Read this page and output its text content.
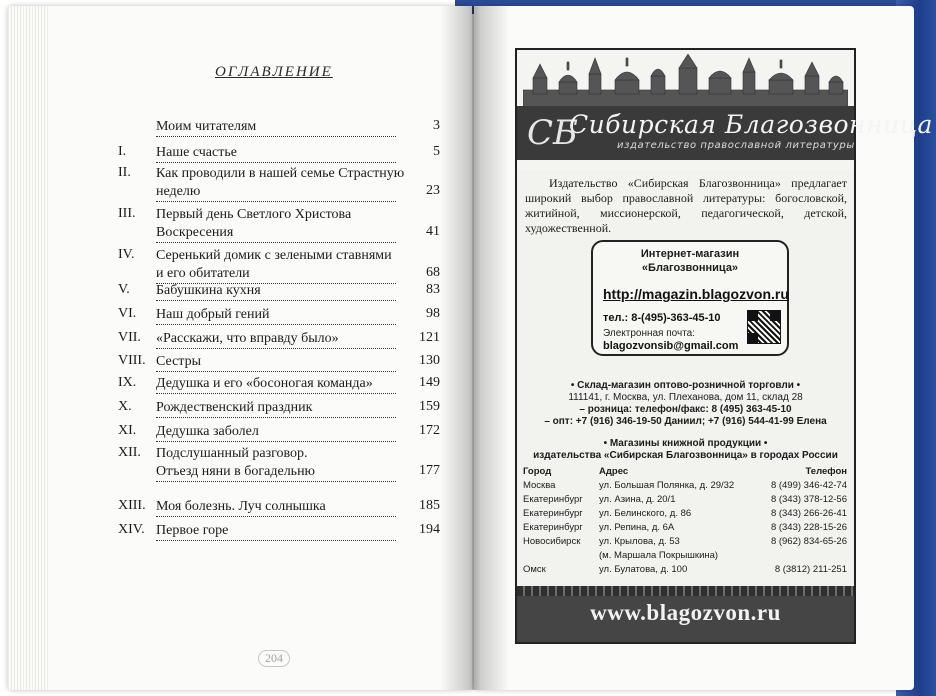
ОГЛАВЛЕНИЕ
Моим читателям	3
I.	Наше счастье	5
II.	Как проводили в нашей семье Страстную
неделю	23
III.	Первый день Светлого Христова
Воскресения	41
IV.	Серенький домик с зелеными ставнями
и его обитатели	68
V.	Бабушкина кухня	83
VI.	Наш добрый гений	98
VII.	«Расскажи, что вправду было»	121
VIII. Сестры	130
IX.	Дедушка и его «босоногая команда»	149
X.	Рождественский праздник	159
XI.	Дедушка заболел	172
XII.	Подслушанный разговор.
Отъезд няни в богадельню	177
XIII. Моя болезнь. Луч солнышка	185
XIV. Первое горе	194
204
СБ
Сибирская Благозвонница
издательство православной литературы
Издательство «Сибирская Благозвонница» предлагает широкий выбор православной литературы: богословской, житийной, миссионерской, педагогической, детской, художественной.
Интернет-магазин
«Благозвонница»
http://magazin.blagozvon.ru
тел.: 8-(495)-363-45-10
Электронная почта:
blagozvonsib@gmail.com
• Склад-магазин оптово-розничной торговли •
111141, г. Москва, ул. Плеханова, дом 11, склад 28
– розница: телефон/факс: 8 (495) 363-45-10
– опт: +7 (916) 346-19-50 Даниил; +7 (916) 544-41-99 Елена
• Магазины книжной продукции •
издательства «Сибирская Благозвонница» в городах России
Город	Адрес	Телефон
Москва	ул. Большая Полянка, д. 29/32	8 (499) 346-42-74
Екатеринбург ул. Азина, д. 20/1	8 (343) 378-12-56
Екатеринбург ул. Белинского, д. 86	8 (343) 266-26-41
Екатеринбург ул. Репина, д. 6А	8 (343) 228-15-26
Новосибирск ул. Крылова, д. 53	8 (962) 834-65-26
(м. Маршала Покрышкина)
Омск	ул. Булатова, д. 100	8 (3812) 211-251
www.blagozvon.ru
